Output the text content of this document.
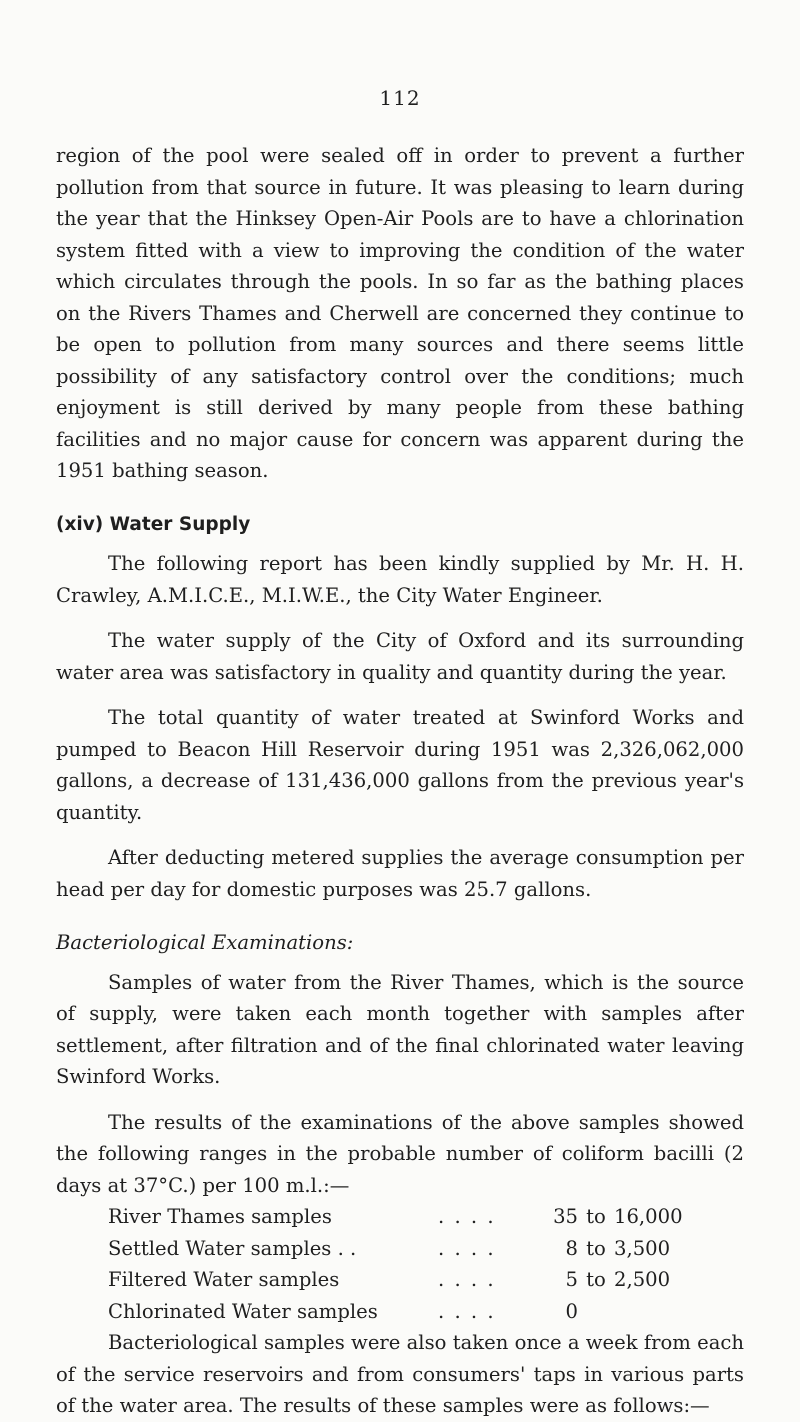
112

region of the pool were sealed off in order to prevent a further pollution from that source in future. It was pleasing to learn during the year that the Hinksey Open-Air Pools are to have a chlorination system fitted with a view to improving the condition of the water which circulates through the pools. In so far as the bathing places on the Rivers Thames and Cherwell are concerned they continue to be open to pollution from many sources and there seems little possibility of any satisfactory control over the conditions; much enjoyment is still derived by many people from these bathing facilities and no major cause for concern was apparent during the 1951 bathing season.

(xiv) Water Supply

The following report has been kindly supplied by Mr. H. H. Crawley, A.M.I.C.E., M.I.W.E., the City Water Engineer.

The water supply of the City of Oxford and its surrounding water area was satisfactory in quality and quantity during the year.

The total quantity of water treated at Swinford Works and pumped to Beacon Hill Reservoir during 1951 was 2,326,062,000 gallons, a decrease of 131,436,000 gallons from the previous year's quantity.

After deducting metered supplies the average consumption per head per day for domestic purposes was 25.7 gallons.

Bacteriological Examinations:

Samples of water from the River Thames, which is the source of supply, were taken each month together with samples after settlement, after filtration and of the final chlorinated water leaving Swinford Works.

The results of the examinations of the above samples showed the following ranges in the probable number of coliform bacilli (2 days at 37°C.) per 100 m.l.:—

River Thames samples	. . . .	35	to	16,000
Settled Water samples . .	. . . .	8	to	3,500
Filtered Water samples	. . . .	5	to	2,500
Chlorinated Water samples	. . . .	0		

Bacteriological samples were also taken once a week from each of the service reservoirs and from consumers' taps in various parts of the water area. The results of these samples were as follows:—
